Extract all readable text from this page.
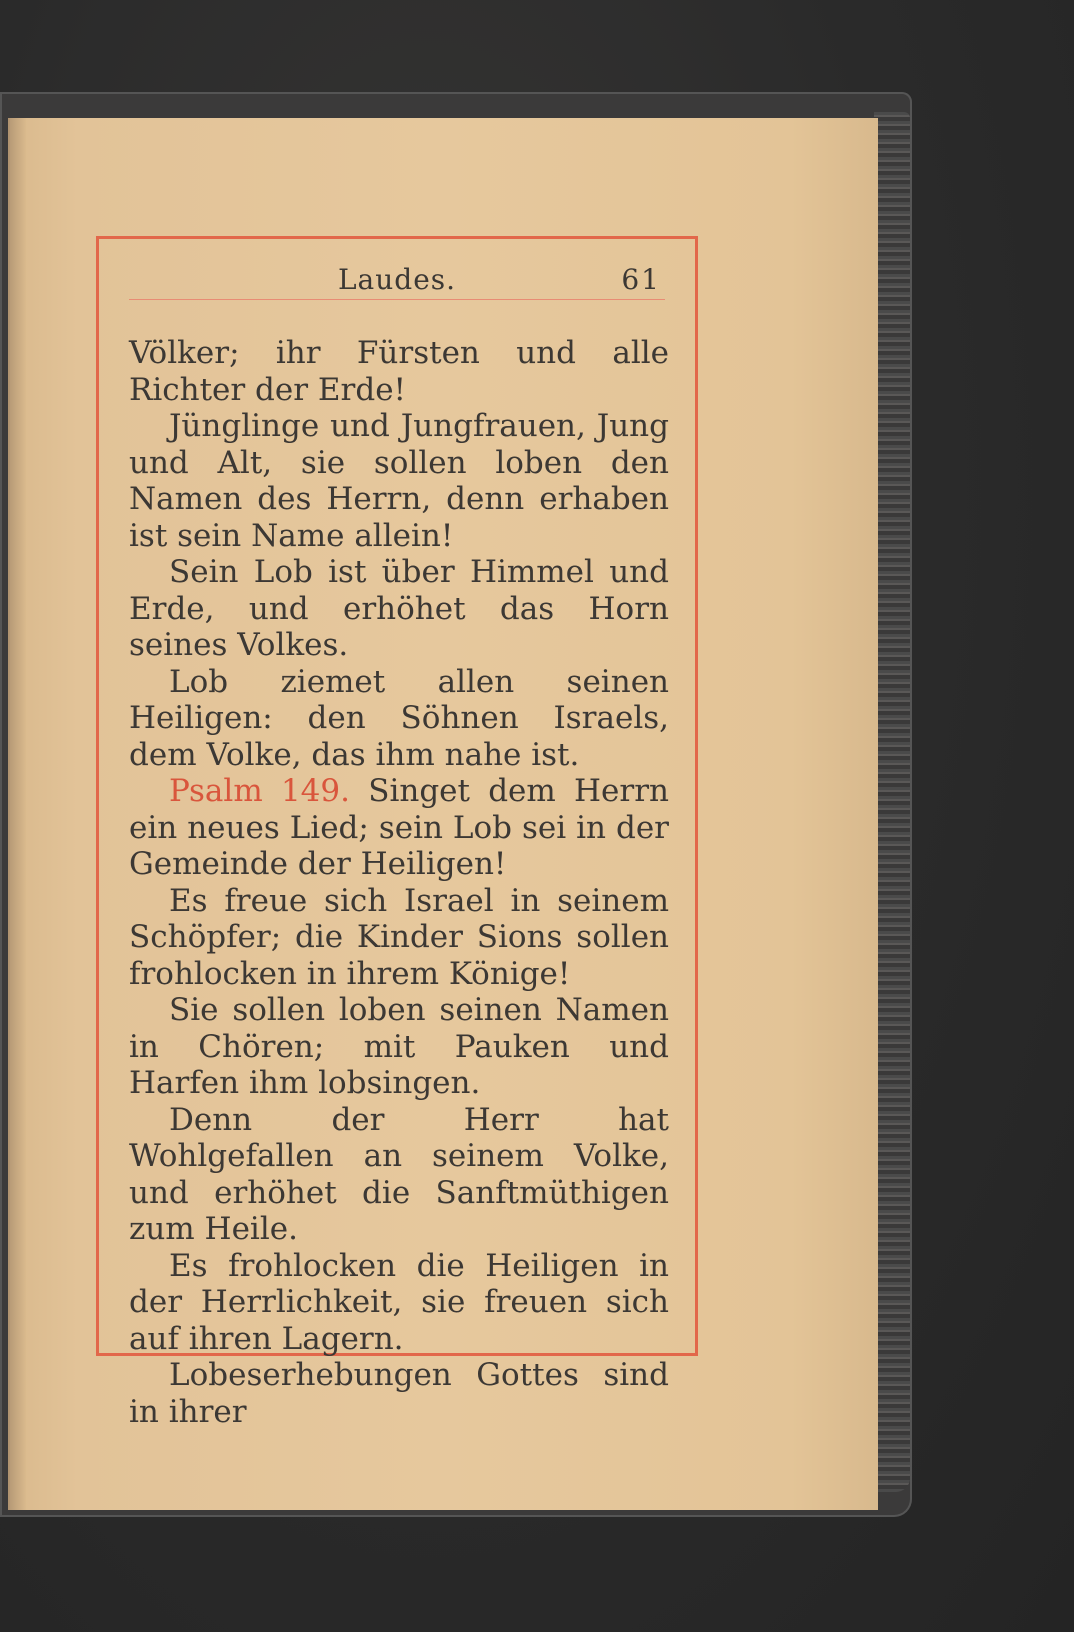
Laudes.	61

Völker; ihr Fürsten und alle Richter der Erde!

Jünglinge und Jungfrauen, Jung und Alt, sie sollen loben den Namen des Herrn, denn erhaben ist sein Name allein!

Sein Lob ist über Himmel und Erde, und erhöhet das Horn seines Volkes.

Lob ziemet allen seinen Heiligen: den Söhnen Israels, dem Volke, das ihm nahe ist.

Psalm 149. Singet dem Herrn ein neues Lied; sein Lob sei in der Gemeinde der Heiligen!

Es freue sich Israel in seinem Schöpfer; die Kinder Sions sollen frohlocken in ihrem Könige!

Sie sollen loben seinen Namen in Chören; mit Pauken und Harfen ihm lobsingen.

Denn der Herr hat Wohlgefallen an seinem Volke, und erhöhet die Sanftmüthigen zum Heile.

Es frohlocken die Heiligen in der Herrlichkeit, sie freuen sich auf ihren Lagern.

Lobeserhebungen Gottes sind in ihrer
